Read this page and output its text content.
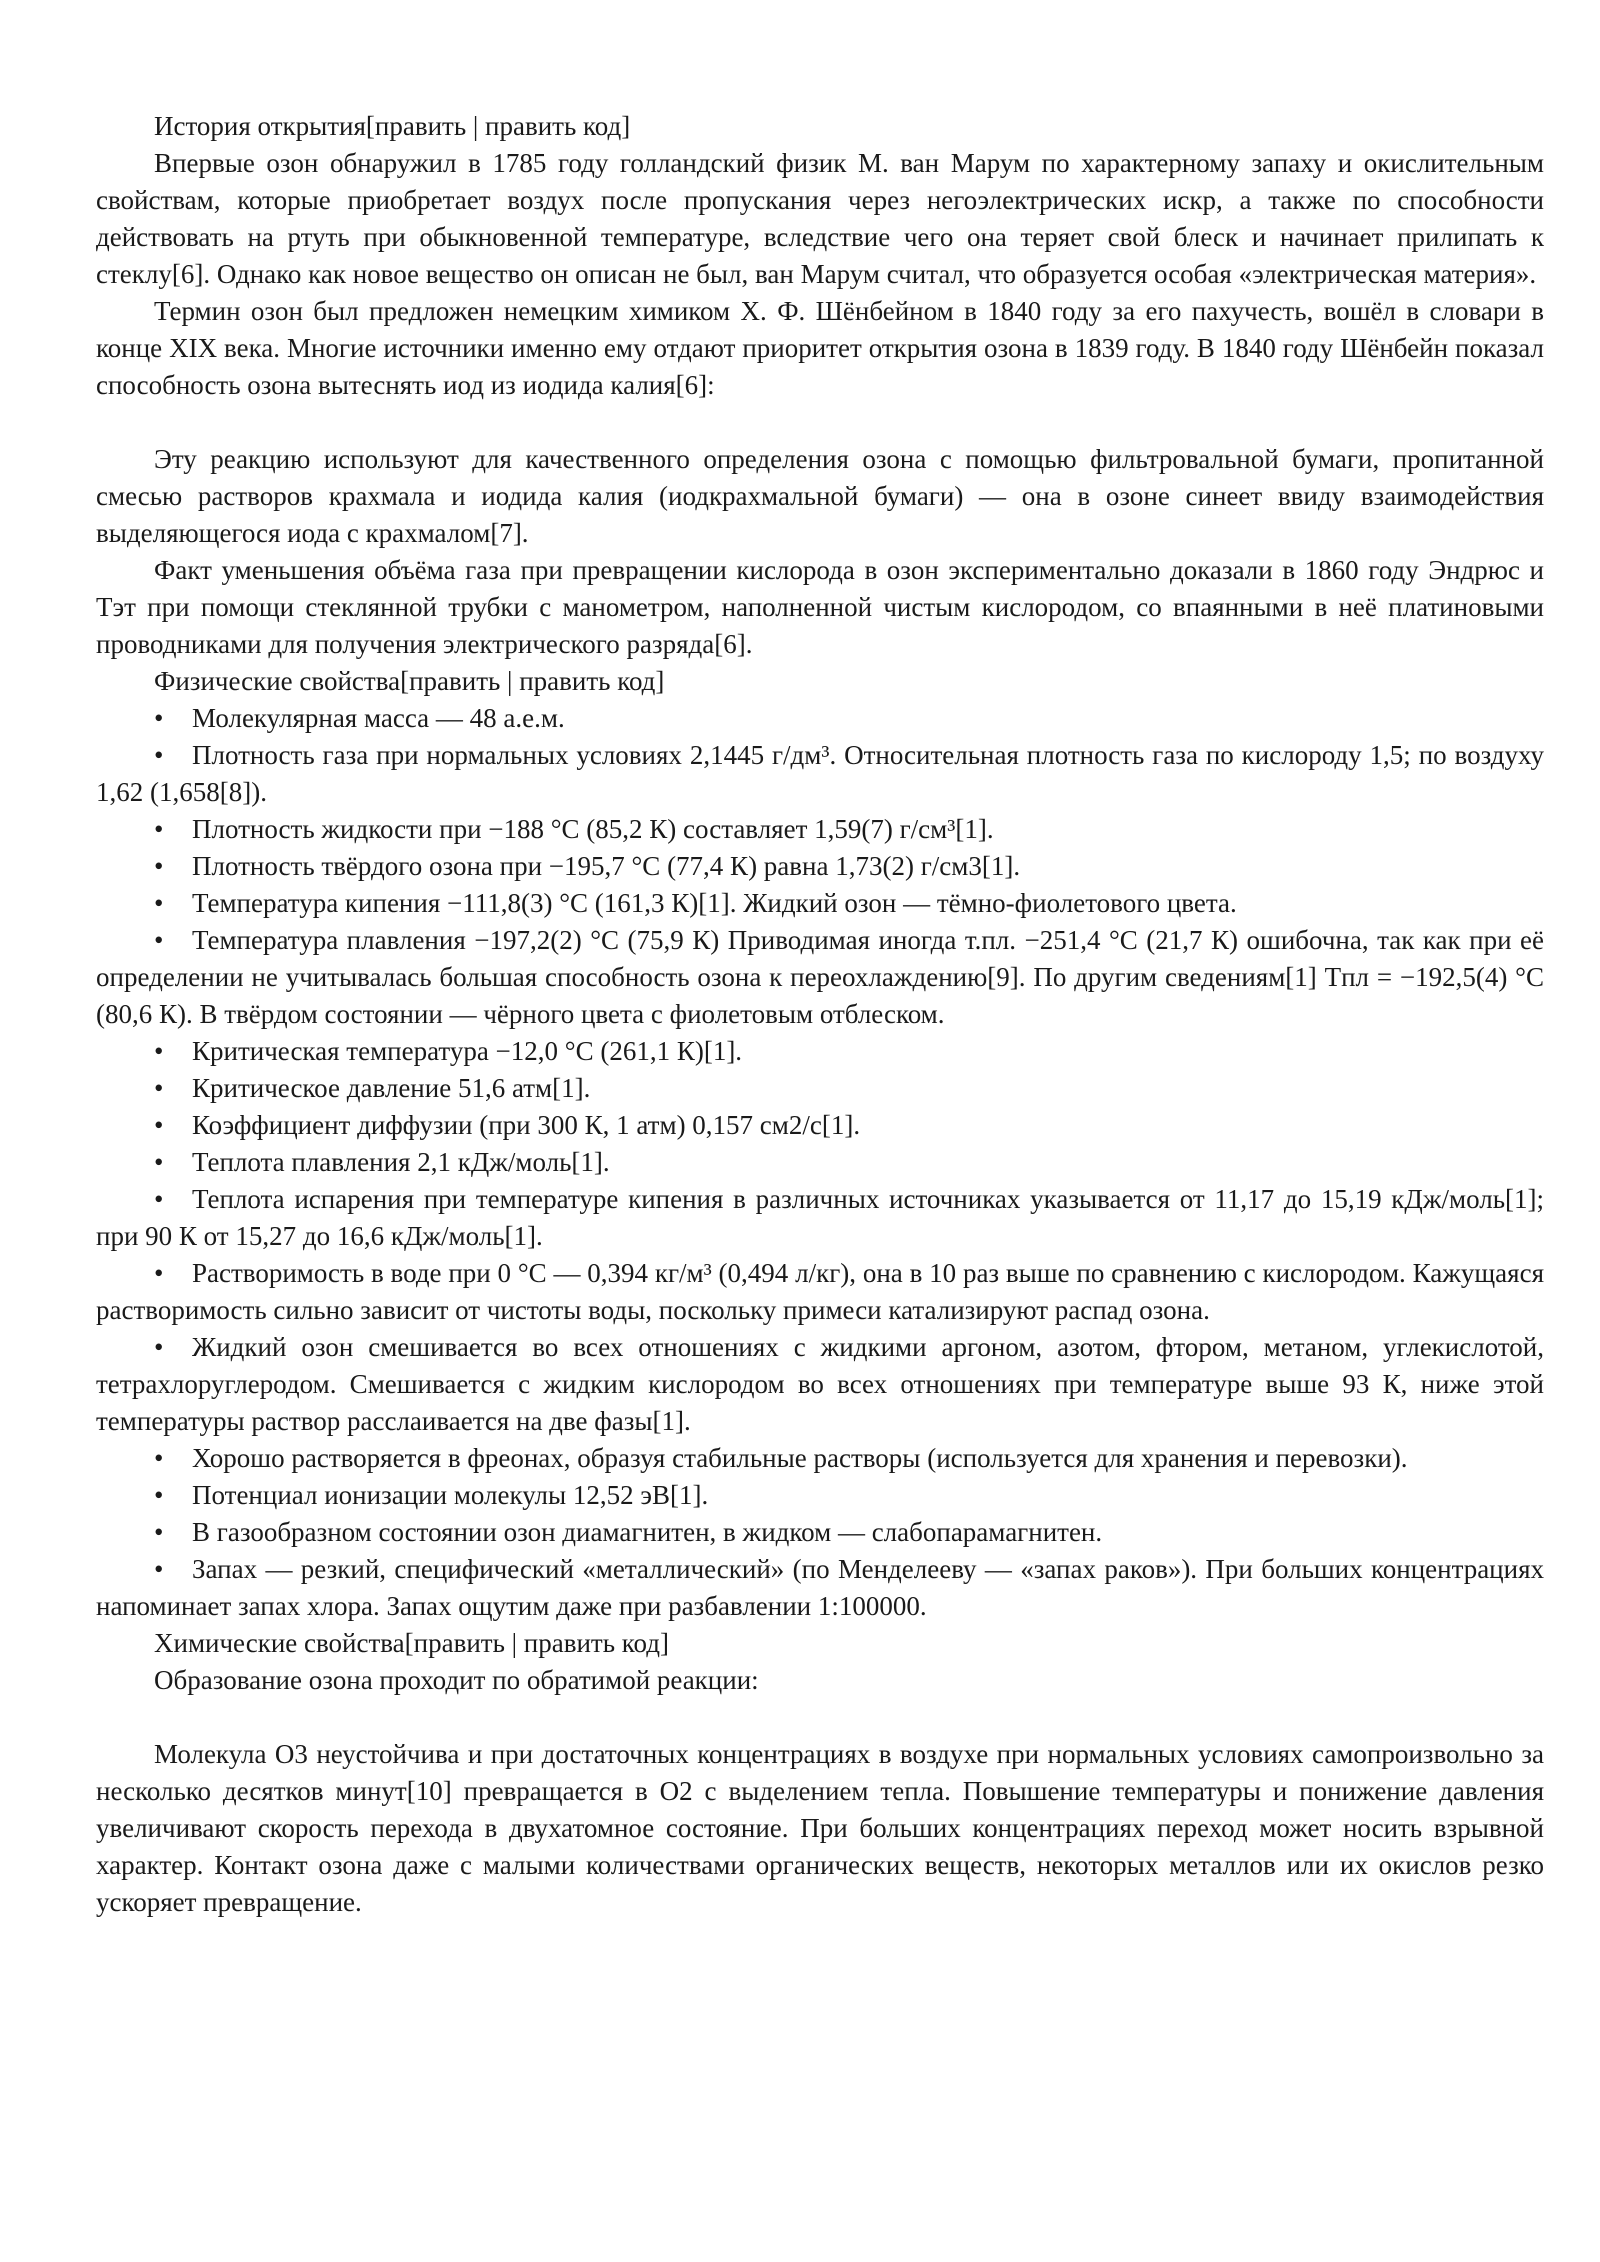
История открытия[править | править код]

Впервые озон обнаружил в 1785 году голландский физик М. ван Марум по характерному запаху и окислительным свойствам, которые приобретает воздух после пропускания через негоэлектрических искр, а также по способности действовать на ртуть при обыкновенной температуре, вследствие чего она теряет свой блеск и начинает прилипать к стеклу[6]. Однако как новое вещество он описан не был, ван Марум считал, что образуется особая «электрическая материя».

Термин озон был предложен немецким химиком Х. Ф. Шёнбейном в 1840 году за его пахучесть, вошёл в словари в конце XIX века. Многие источники именно ему отдают приоритет открытия озона в 1839 году. В 1840 году Шёнбейн показал способность озона вытеснять иод из иодида калия[6]:

Эту реакцию используют для качественного определения озона с помощью фильтровальной бумаги, пропитанной смесью растворов крахмала и иодида калия (иодкрахмальной бумаги) — она в озоне синеет ввиду взаимодействия выделяющегося иода с крахмалом[7].

Факт уменьшения объёма газа при превращении кислорода в озон экспериментально доказали в 1860 году Эндрюс и Тэт при помощи стеклянной трубки с манометром, наполненной чистым кислородом, со впаянными в неё платиновыми проводниками для получения электрического разряда[6].

Физические свойства[править | править код]

• Молекулярная масса — 48 а.е.м.

• Плотность газа при нормальных условиях 2,1445 г/дм³. Относительная плотность газа по кислороду 1,5; по воздуху 1,62 (1,658[8]).

• Плотность жидкости при −188 °C (85,2 К) составляет 1,59(7) г/см³[1].

• Плотность твёрдого озона при −195,7 °C (77,4 К) равна 1,73(2) г/см3[1].

• Температура кипения −111,8(3) °C (161,3 К)[1]. Жидкий озон — тёмно-фиолетового цвета.

• Температура плавления −197,2(2) °C (75,9 К) Приводимая иногда т.пл. −251,4 °C (21,7 К) ошибочна, так как при её определении не учитывалась большая способность озона к переохлаждению[9]. По другим сведениям[1] Tпл = −192,5(4) °C (80,6 К). В твёрдом состоянии — чёрного цвета с фиолетовым отблеском.

• Критическая температура −12,0 °C (261,1 К)[1].

• Критическое давление 51,6 атм[1].

• Коэффициент диффузии (при 300 К, 1 атм) 0,157 см2/с[1].

• Теплота плавления 2,1 кДж/моль[1].

• Теплота испарения при температуре кипения в различных источниках указывается от 11,17 до 15,19 кДж/моль[1]; при 90 К от 15,27 до 16,6 кДж/моль[1].

• Растворимость в воде при 0 °C — 0,394 кг/м³ (0,494 л/кг), она в 10 раз выше по сравнению с кислородом. Кажущаяся растворимость сильно зависит от чистоты воды, поскольку примеси катализируют распад озона.

• Жидкий озон смешивается во всех отношениях с жидкими аргоном, азотом, фтором, метаном, углекислотой, тетрахлоруглеродом. Смешивается с жидким кислородом во всех отношениях при температуре выше 93 К, ниже этой температуры раствор расслаивается на две фазы[1].

• Хорошо растворяется в фреонах, образуя стабильные растворы (используется для хранения и перевозки).

• Потенциал ионизации молекулы 12,52 эВ[1].

• В газообразном состоянии озон диамагнитен, в жидком — слабопарамагнитен.

• Запах — резкий, специфический «металлический» (по Менделееву — «запах раков»). При больших концентрациях напоминает запах хлора. Запах ощутим даже при разбавлении 1:100000.

Химические свойства[править | править код]

Образование озона проходит по обратимой реакции:

Молекула O3 неустойчива и при достаточных концентрациях в воздухе при нормальных условиях самопроизвольно за несколько десятков минут[10] превращается в O2 с выделением тепла. Повышение температуры и понижение давления увеличивают скорость перехода в двухатомное состояние. При больших концентрациях переход может носить взрывной характер. Контакт озона даже с малыми количествами органических веществ, некоторых металлов или их окислов резко ускоряет превращение.
